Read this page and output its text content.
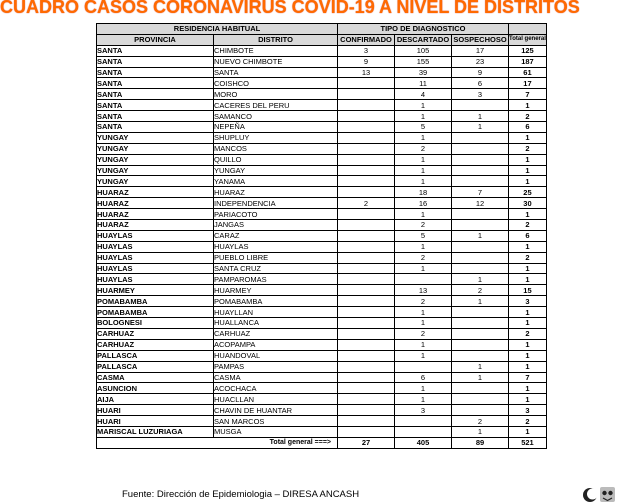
CUADRO CASOS CORONAVIRUS COVID-19 A NIVEL DE DISTRITOS
RESIDENCIA HABITUAL		TIPO DE DIAGNOSTICO			
PROVINCIA	DISTRITO	CONFIRMADO	DESCARTADO	SOSPECHOSO	Total general
SANTA	CHIMBOTE	3	105	17	125
SANTA	NUEVO CHIMBOTE	9	155	23	187
SANTA	SANTA	13	39	9	61
SANTA	COISHCO		11	6	17
SANTA	MORO		4	3	7
SANTA	CACERES DEL PERU		1		1
SANTA	SAMANCO		1	1	2
SANTA	NEPEÑA		5	1	6
YUNGAY	SHUPLUY		1		1
YUNGAY	MANCOS		2		2
YUNGAY	QUILLO		1		1
YUNGAY	YUNGAY		1		1
YUNGAY	YANAMA		1		1
HUARAZ	HUARAZ		18	7	25
HUARAZ	INDEPENDENCIA	2	16	12	30
HUARAZ	PARIACOTO		1		1
HUARAZ	JANGAS		2		2
HUAYLAS	CARAZ		5	1	6
HUAYLAS	HUAYLAS		1		1
HUAYLAS	PUEBLO LIBRE		2		2
HUAYLAS	SANTA CRUZ		1		1
HUAYLAS	PAMPAROMAS			1	1
HUARMEY	HUARMEY		13	2	15
POMABAMBA	POMABAMBA		2	1	3
POMABAMBA	HUAYLLAN		1		1
BOLOGNESI	HUALLANCA		1		1
CARHUAZ	CARHUAZ		2		2
CARHUAZ	ACOPAMPA		1		1
PALLASCA	HUANDOVAL		1		1
PALLASCA	PAMPAS			1	1
CASMA	CASMA		6	1	7
ASUNCION	ACOCHACA		1		1
AIJA	HUACLLAN		1		1
HUARI	CHAVIN DE HUANTAR		3		3
HUARI	SAN MARCOS			2	2
MARISCAL LUZURIAGA	MUSGA			1	1
Total general ===>		27	405	89	521
Fuente: Dirección de Epidemiologia – DIRESA ANCASH
